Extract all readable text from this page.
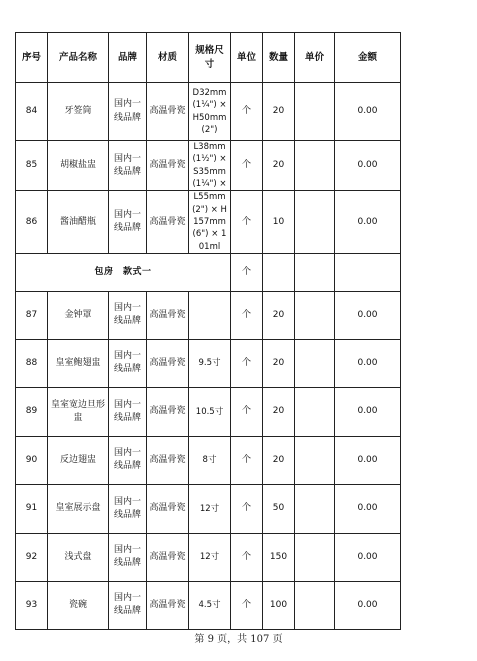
序号	产品名称	品牌	材质	规格尺寸	单位	数量	单价	金额
84	牙签筒	国内一线品牌	高温骨瓷	D32mm (1¼") × H50mm (2")	个	20		0.00
85	胡椒盐盅	国内一线品牌	高温骨瓷	L38mm (1½") × S35mm (1¼") ×	个	20		0.00
86	酱油醋瓶	国内一线品牌	高温骨瓷	L55mm (2") × H157mm (6") × 101ml	个	10		0.00
包房　款式一					个			
87	金钟罩	国内一线品牌	高温骨瓷		个	20		0.00
88	皇室鲍翅盅	国内一线品牌	高温骨瓷	9.5寸	个	20		0.00
89	皇室宽边旦形盅	国内一线品牌	高温骨瓷	10.5寸	个	20		0.00
90	反边翅盅	国内一线品牌	高温骨瓷	8寸	个	20		0.00
91	皇室展示盘	国内一线品牌	高温骨瓷	12寸	个	50		0.00
92	浅式盘	国内一线品牌	高温骨瓷	12寸	个	150		0.00
93	瓷碗	国内一线品牌	高温骨瓷	4.5寸	个	100		0.00
第 9 页，共 107 页
